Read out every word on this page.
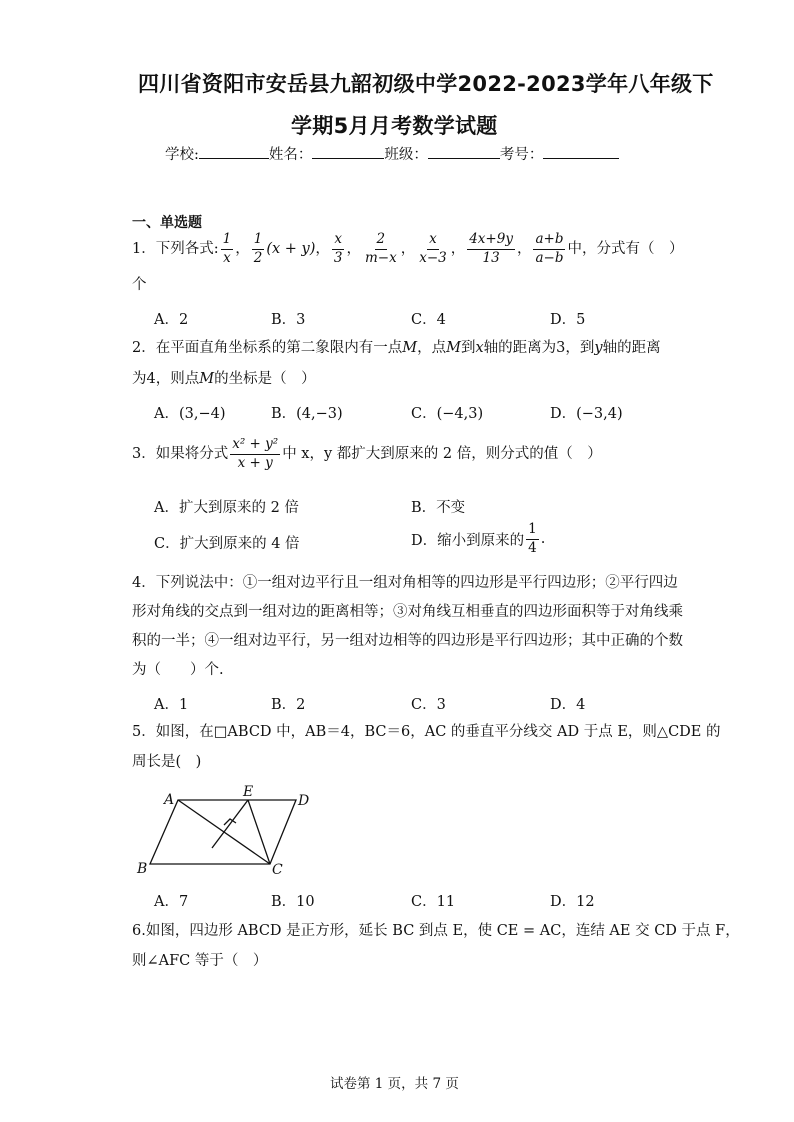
四川省资阳市安岳县九韶初级中学2022-2023学年八年级下
学期5月月考数学试题
学校:	姓名：	班级：	考号：
一、单选题
1．下列各式: $\frac{1}{x}$ ， $\frac{1}{2} (x + y)$ ， $\frac{x}{3}$ ， $\frac{2}{m-x}$ ， $\frac{x}{x-3}$ ， $\frac{4x+9y}{13}$ ， $\frac{a+b}{a-b}$ 中，分式有（　）
个
A．2	B．3	C．4	D．5
2．在平面直角坐标系的第二象限内有一点M，点M到x轴的距离为3，到y轴的距离
为4，则点M的坐标是（　）
A．(3,−4)	B．(4,−3)	C．(−4,3)	D．(−3,4)
3．如果将分式 $\frac{\text{x² + y²}}{x + y}$ 中 x，y 都扩大到原来的 2 倍，则分式的值（　）
A．扩大到原来的 2 倍	B．不变
C．扩大到原来的 4 倍	D．缩小到原来的 $\frac{1}{4}$ .
4．下列说法中：①一组对边平行且一组对角相等的四边形是平行四边形；②平行四边
形对角线的交点到一组对边的距离相等；③对角线互相垂直的四边形面积等于对角线乘
积的一半；④一组对边平行，另一组对边相等的四边形是平行四边形；其中正确的个数
为（　　）个.
A．1	B．2	C．3	D．4
5．如图，在□ABCD 中，AB＝4，BC＝6，AC 的垂直平分线交 AD 于点 E，则△CDE 的
周长是(　)
A	E
D
B	C
A．7	B．10	C．11	D．12
6.如图，四边形 ABCD 是正方形，延长 BC 到点 E，使 CE = AC，连结 AE 交 CD 于点 F，
则∠AFC 等于（　）
试卷第 1 页，共 7 页
